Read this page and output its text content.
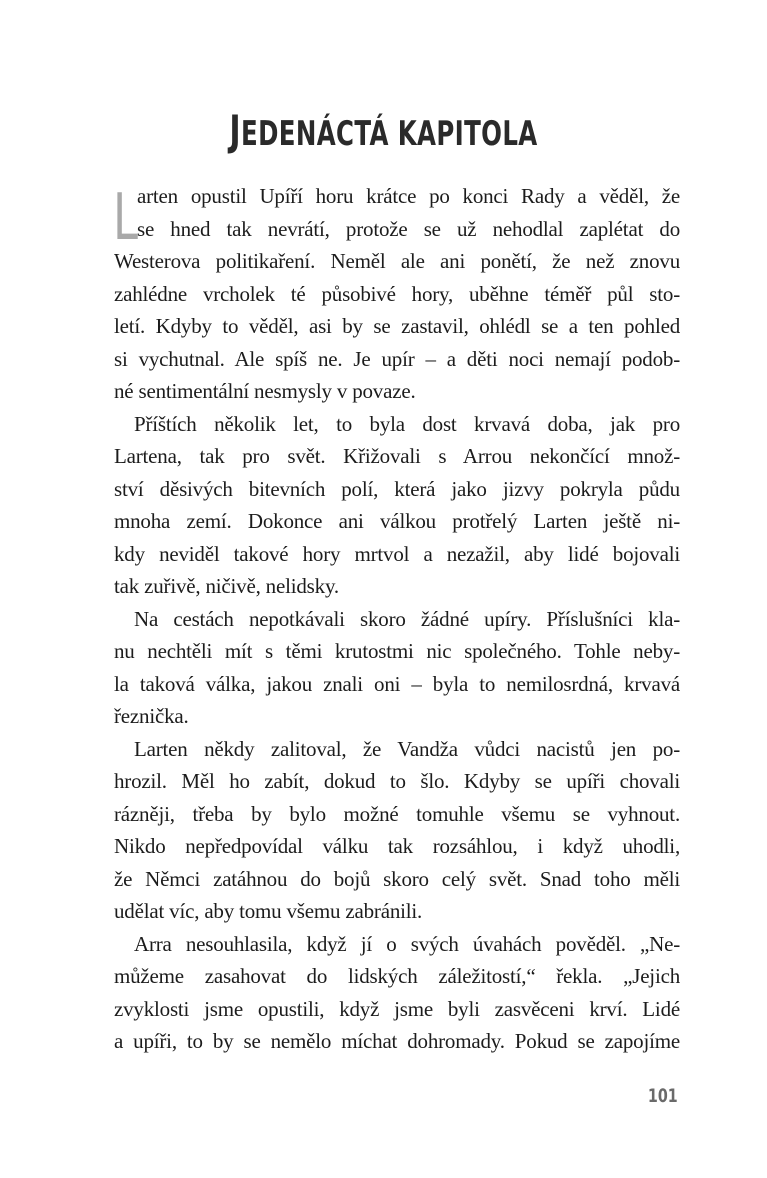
JEDENÁCTÁ KAPITOLA
L arten opustil Upíří horu krátce po konci Rady a věděl, že
se hned tak nevrátí, protože se už nehodlal zaplétat do
Westerova politikaření. Neměl ale ani ponětí, že než znovu
zahlédne vrcholek té působivé hory, uběhne téměř půl sto-
letí. Kdyby to věděl, asi by se zastavil, ohlédl se a ten pohled
si vychutnal. Ale spíš ne. Je upír – a děti noci nemají podob-
né sentimentální nesmysly v povaze.
Příštích několik let, to byla dost krvavá doba, jak pro
Lartena, tak pro svět. Křižovali s Arrou nekončící množ-
ství děsivých bitevních polí, která jako jizvy pokryla půdu
mnoha zemí. Dokonce ani válkou protřelý Larten ještě ni-
kdy neviděl takové hory mrtvol a nezažil, aby lidé bojovali
tak zuřivě, ničivě, nelidsky.
Na cestách nepotkávali skoro žádné upíry. Příslušníci kla-
nu nechtěli mít s těmi krutostmi nic společného. Tohle neby-
la taková válka, jakou znali oni – byla to nemilosrdná, krvavá
řeznička.
Larten někdy zalitoval, že Vandža vůdci nacistů jen po-
hrozil. Měl ho zabít, dokud to šlo. Kdyby se upíři chovali
rázněji, třeba by bylo možné tomuhle všemu se vyhnout.
Nikdo nepředpovídal válku tak rozsáhlou, i když uhodli,
že Němci zatáhnou do bojů skoro celý svět. Snad toho měli
udělat víc, aby tomu všemu zabránili.
Arra nesouhlasila, když jí o svých úvahách pověděl. „Ne-
můžeme zasahovat do lidských záležitostí,“ řekla. „Jejich
zvyklosti jsme opustili, když jsme byli zasvěceni krví. Lidé
a upíři, to by se nemělo míchat dohromady. Pokud se zapojíme
101
